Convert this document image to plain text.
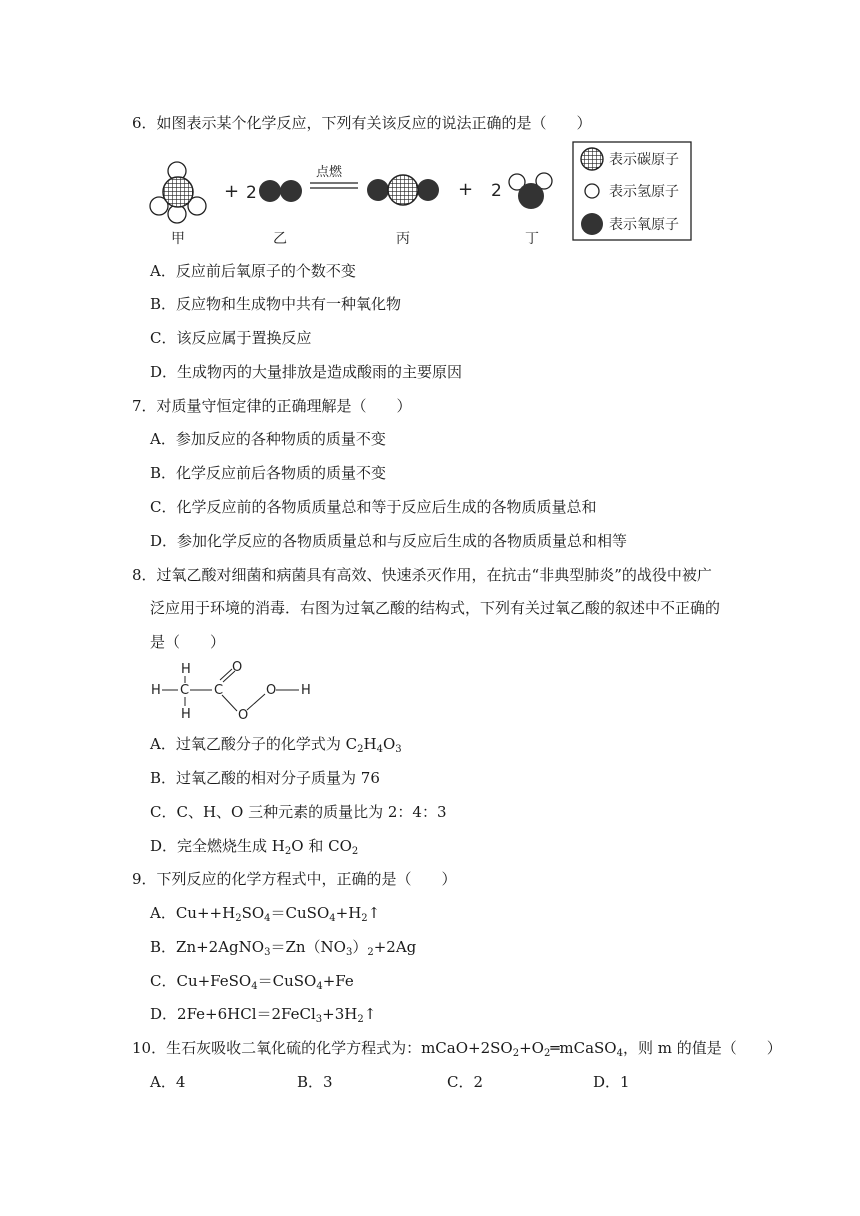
6．如图表示某个化学反应，下列有关该反应的说法正确的是（　　）
+ 2
点燃
+ 2
甲	乙	丙	丁
表示碳原子
表示氢原子
表示氧原子
A．反应前后氧原子的个数不变
B．反应物和生成物中共有一种氧化物
C．该反应属于置换反应
D．生成物丙的大量排放是造成酸雨的主要原因
7．对质量守恒定律的正确理解是（　　）
A．参加反应的各种物质的质量不变
B．化学反应前后各物质的质量不变
C．化学反应前的各物质质量总和等于反应后生成的各物质质量总和
D．参加化学反应的各物质质量总和与反应后生成的各物质质量总和相等
8．过氧乙酸对细菌和病菌具有高效、快速杀灭作用，在抗击“非典型肺炎”的战役中被广
泛应用于环境的消毒．右图为过氧乙酸的结构式，下列有关过氧乙酸的叙述中不正确的
是（　　）
H
H C
H
C
O
O
O H
A．过氧乙酸分子的化学式为 $C_2H_4O_3$
B．过氧乙酸的相对分子质量为 76
C．C、H、O 三种元素的质量比为 2：4：3
D．完全燃烧生成 $H_2O$ 和 $CO_2$
9．下列反应的化学方程式中，正确的是（　　）
A．$Cu++H_2SO_4=CuSO_4+H_2↑$
B．$Zn+2AgNO_3=Zn(NO_3)_2+2Ag$
C．Cu+FeSO$_4$＝CuSO$_4$+Fe
D．$2Fe+6HCl=2FeCl_3+3H_2↑$
10．生石灰吸收二氧化硫的化学方程式为：$mCaO+2SO_2+O_2═mCaSO_4$，则 m 的值是（　　）
A．4	B．3	C．2	D．1
